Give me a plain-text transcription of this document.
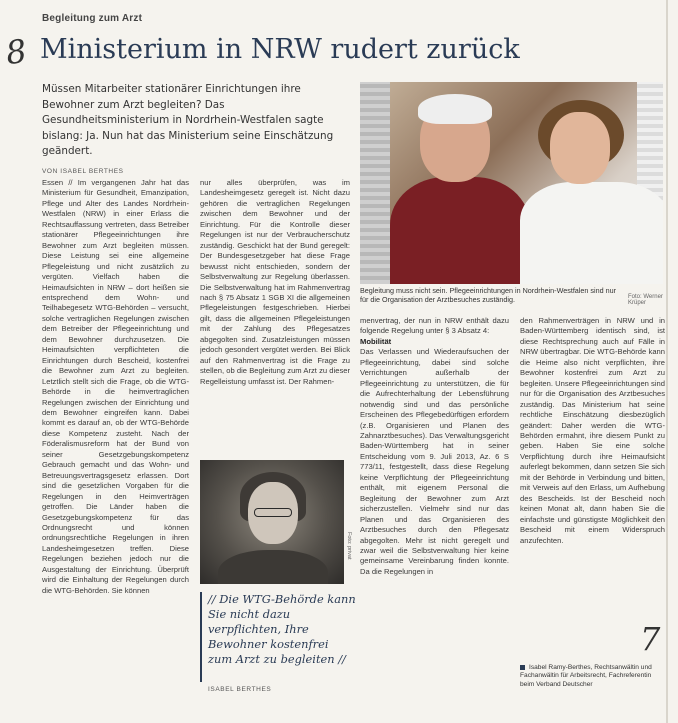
Begleitung zum Arzt
8 Ministerium in NRW rudert zurück

Müssen Mitarbeiter stationärer Einrichtungen ihre Bewohner zum Arzt begleiten? Das Gesundheitsministerium in Nordrhein-Westfalen sagte bislang: Ja. Nun hat das Ministerium seine Einschätzung geändert.

Begleitung muss nicht sein. Pflegeeinrichtungen in Nordrhein-Westfalen sind nur für die Organisation der Arztbesuches zuständig.	Foto: Werner Krüper
VON ISABEL BERTHES

Essen // Im vergangenen Jahr hat das Ministerium für Gesundheit, Emanzipation, Pflege und Alter des Landes Nordrhein-Westfalen (NRW) in einer Erlass die Rechtsauffassung vertreten, dass Betreiber stationärer Pflegeeinrichtungen ihre Bewohner zum Arzt begleiten müssen. Diese Leistung sei eine allgemeine Pflegeleistung und nicht zusätzlich zu vergüten. Vielfach haben die Heimaufsichten in NRW – dort heißen sie entsprechend dem Wohn- und Teilhabegesetz WTG-Behörden – versucht, solche vertraglichen Regelungen zwischen dem Betreiber der Pflegeeinrichtung und dem Bewohner durchzusetzen. Die Heimaufsichten verpflichteten die Einrichtungen durch Bescheid, kostenfrei die Bewohner zum Arzt zu begleiten. Letztlich stellt sich die Frage, ob die WTG-Behörde in die heimvertraglichen Regelungen zwischen der Einrichtung und dem Bewohner eingreifen kann. Dabei kommt es darauf an, ob der WTG-Behörde diese Kompetenz zusteht. Nach der Föderalismusreform hat der Bund von seiner Gesetzgebungskompetenz Gebrauch gemacht und das Wohn- und Betreuungsvertragsgesetz erlassen. Dort sind die gesetzlichen Vorgaben für die Regelungen in den Heimverträgen getroffen. Die Länder haben die Gesetzgebungskompetenz für das Ordnungsrecht und können ordnungsrechtliche Regelungen in ihren Landesheimgesetzen treffen. Diese Regelungen beziehen jedoch nur die Ausgestaltung der Einrichtung. Überprüft wird die Einhaltung der Regelungen durch die WTG-Behörden. Sie können

nur alles überprüfen, was im Landesheimgesetz geregelt ist. Nicht dazu gehören die vertraglichen Regelungen zwischen dem Bewohner und der Einrichtung. Für die Kontrolle dieser Regelungen ist nur der Verbraucherschutz zuständig. Geschickt hat der Bund geregelt: Der Bundesgesetzgeber hat diese Frage bewusst nicht entschieden, sondern der Selbstverwaltung zur Regelung überlassen. Die Selbstverwaltung hat im Rahmenvertrag nach § 75 Absatz 1 SGB XI die allgemeinen Pflegeleistungen festgeschrieben. Hierbei gilt, dass die allgemeinen Pflegeleistungen mit der Zahlung des Pflegesatzes abgegolten sind. Zusatzleistungen müssen jedoch gesondert vergütet werden. Bei Blick auf den Rahmenvertrag ist die Frage zu stellen, ob die Begleitung zum Arzt zu dieser Regelleistung umfasst ist. Der Rahmen-

Foto: privat
// Die WTG-Behörde kann Sie nicht dazu verpflichten, Ihre Bewohner kostenfrei zum Arzt zu begleiten //
ISABEL BERTHES

menvertrag, der nun in NRW enthält dazu folgende Regelung unter § 3 Absatz 4:

Mobilität

Das Verlassen und Wiederaufsuchen der Pflegeeinrichtung, dabei sind solche Verrichtungen außerhalb der Pflegeeinrichtung zu unterstützen, die für die Aufrechterhaltung der Lebensführung notwendig sind und das persönliche Erscheinen des Pflegebedürftigen erfordern (z.B. Organisieren und Planen des Zahnarztbesuches). Das Verwaltungsgericht Baden-Württemberg hat in seiner Entscheidung vom 9. Juli 2013, Az. 6 S 773/11, festgestellt, dass diese Regelung keine Verpflichtung der Pflegeeinrichtung enthält, mit eigenem Personal die Begleitung der Bewohner zum Arzt sicherzustellen. Vielmehr sind nur das Planen und das Organisieren des Arztbesuches durch den Pflegesatz abgegolten. Mehr ist nicht geregelt und zwar weil die Selbstverwaltung hier keine gemeinsame Vereinbarung finden konnte. Da die Regelungen in

den Rahmenverträgen in NRW und in Baden-Württemberg identisch sind, ist diese Rechtsprechung auch auf Fälle in NRW übertragbar. Die WTG-Behörde kann die Heime also nicht verpflichten, ihre Bewohner kostenfrei zum Arzt zu begleiten. Unsere Pflegeeinrichtungen sind nur für die Organisation des Arztbesuches zuständig. Das Ministerium hat seine rechtliche Einschätzung diesbezüglich geändert: Daher werden die WTG-Behörden ermahnt, ihre diesem Punkt zu geben. Haben Sie eine solche Verpflichtung durch ihre Heimaufsicht auferlegt bekommen, dann setzen Sie sich mit der Behörde in Verbindung und bitten, mit Verweis auf den Erlass, um Aufhebung des Bescheids. Ist der Bescheid noch keinen Monat alt, dann haben Sie die einfachste und günstigste Möglichkeit den Bescheid mit einem Widerspruch anzufechten.

Isabel Ramy-Berthes, Rechtsanwältin und Fachanwältin für Arbeitsrecht, Fachreferentin beim Verband Deutscher
7
